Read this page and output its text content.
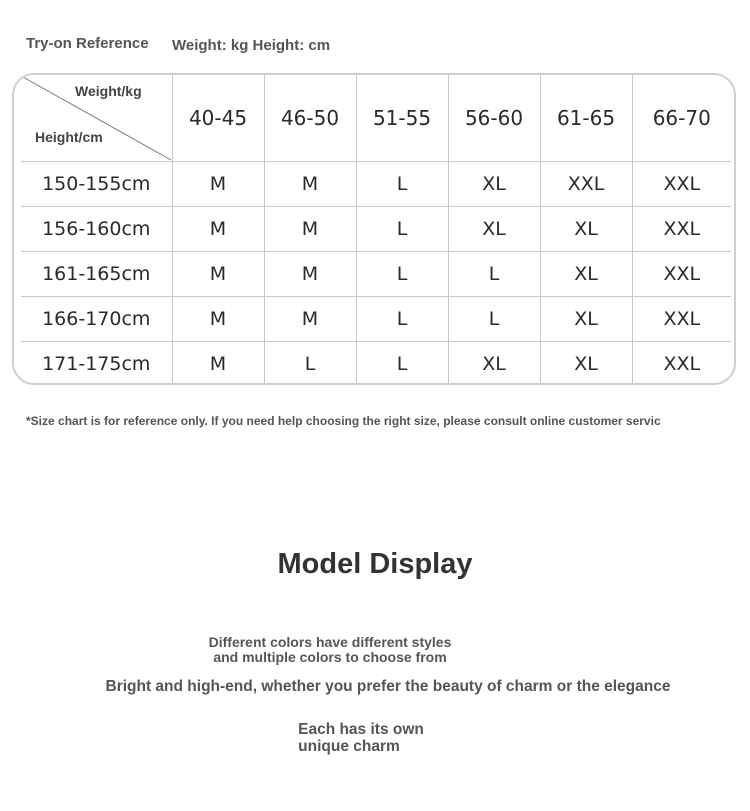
Try-on Reference Weight: kg Height: cm
Weight/kg
Height/cm	40-45	46-50	51-55	56-60	61-65	66-70
150-155cm	M	M	L	XL	XXL	XXL
156-160cm	M	M	L	XL	XL	XXL
161-165cm	M	M	L	L	XL	XXL
166-170cm	M	M	L	L	XL	XXL
171-175cm	M	L	L	XL	XL	XXL
*Size chart is for reference only. If you need help choosing the right size, please consult online customer servic
Model Display
Different colors have different styles
and multiple colors to choose from
Bright and high-end, whether you prefer the beauty of charm or the elegance
Each has its own
unique charm
